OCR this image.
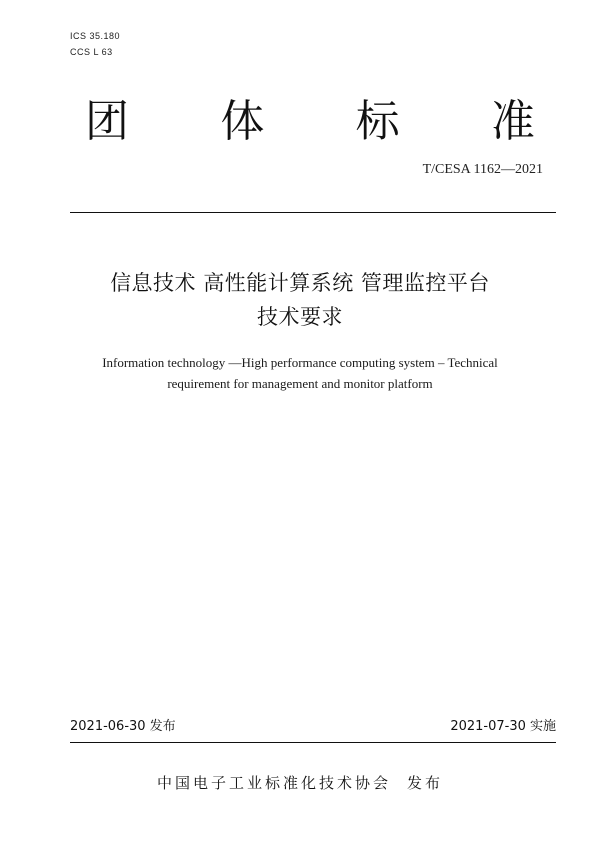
ICS 35.180
CCS L 63
团 体 标 准
T/CESA 1162—2021
信息技术 高性能计算系统 管理监控平台
技术要求
Information technology —High performance computing system – Technical
requirement for management and monitor platform
2021-06-30 发布	2021-07-30 实施
中国电子工业标准化技术协会 发布
